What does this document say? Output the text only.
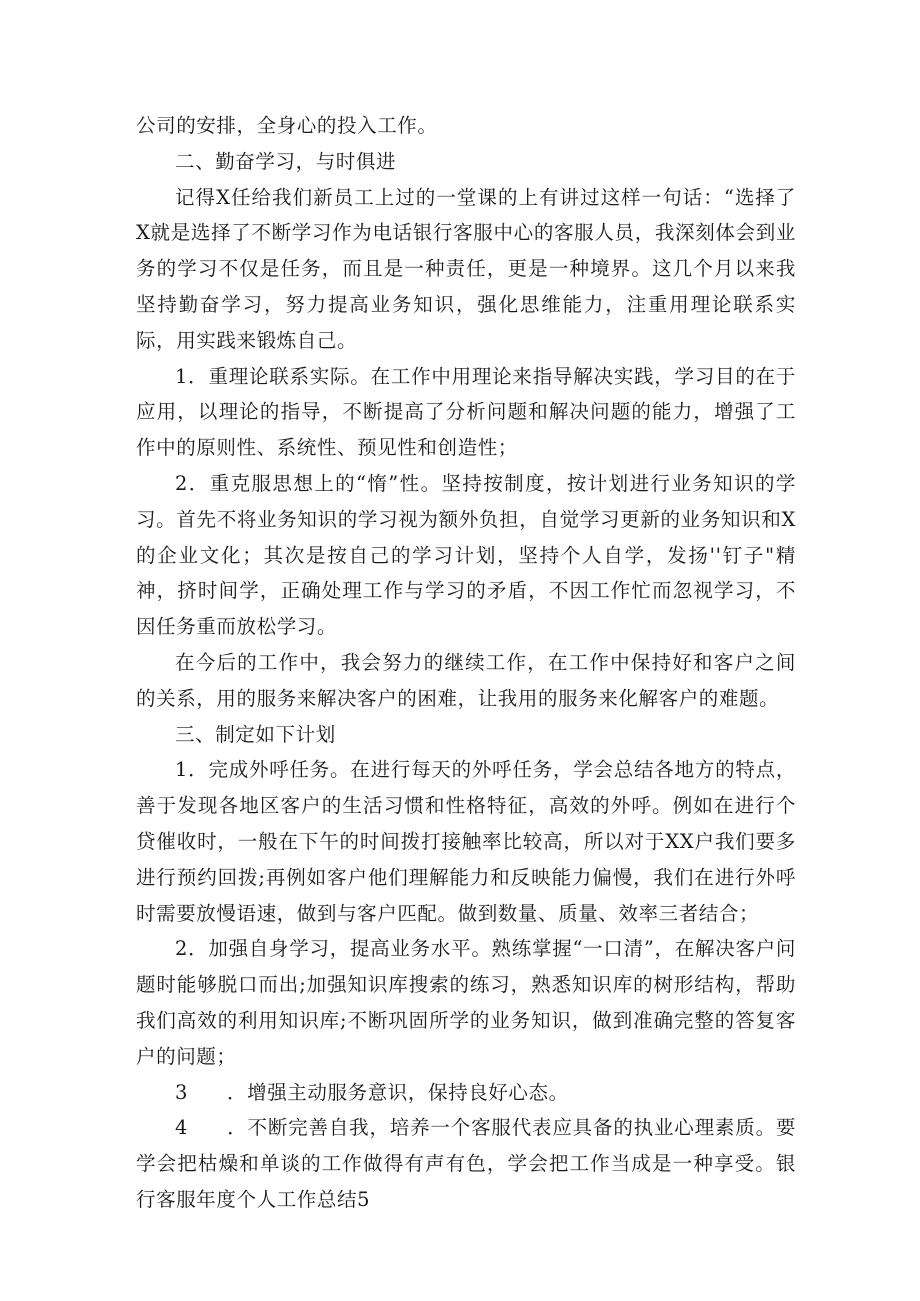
公司的安排，全身心的投入工作。

二、勤奋学习，与时俱进

记得X任给我们新员工上过的一堂课的上有讲过这样一句话：“选择了X就是选择了不断学习作为电话银行客服中心的客服人员，我深刻体会到业务的学习不仅是任务，而且是一种责任，更是一种境界。这几个月以来我坚持勤奋学习，努力提高业务知识，强化思维能力，注重用理论联系实际，用实践来锻炼自己。

1．重理论联系实际。在工作中用理论来指导解决实践，学习目的在于应用，以理论的指导，不断提高了分析问题和解决问题的能力，增强了工作中的原则性、系统性、预见性和创造性；

2．重克服思想上的“惰”性。坚持按制度，按计划进行业务知识的学习。首先不将业务知识的学习视为额外负担，自觉学习更新的业务知识和X的企业文化；其次是按自己的学习计划，坚持个人自学，发扬''钉子"精神，挤时间学，正确处理工作与学习的矛盾，不因工作忙而忽视学习，不因任务重而放松学习。

在今后的工作中，我会努力的继续工作，在工作中保持好和客户之间的关系，用的服务来解决客户的困难，让我用的服务来化解客户的难题。

三、制定如下计划

1．完成外呼任务。在进行每天的外呼任务，学会总结各地方的特点，善于发现各地区客户的生活习惯和性格特征，高效的外呼。例如在进行个贷催收时，一般在下午的时间拨打接触率比较高，所以对于XX户我们要多进行预约回拨;再例如客户他们理解能力和反映能力偏慢，我们在进行外呼时需要放慢语速，做到与客户匹配。做到数量、质量、效率三者结合；

2．加强自身学习，提高业务水平。熟练掌握“一口清”，在解决客户问题时能够脱口而出;加强知识库搜索的练习，熟悉知识库的树形结构，帮助我们高效的利用知识库;不断巩固所学的业务知识，做到准确完整的答复客户的问题；

3 ．增强主动服务意识，保持良好心态。

4 ．不断完善自我，培养一个客服代表应具备的执业心理素质。要学会把枯燥和单谈的工作做得有声有色，学会把工作当成是一种享受。银行客服年度个人工作总结5
